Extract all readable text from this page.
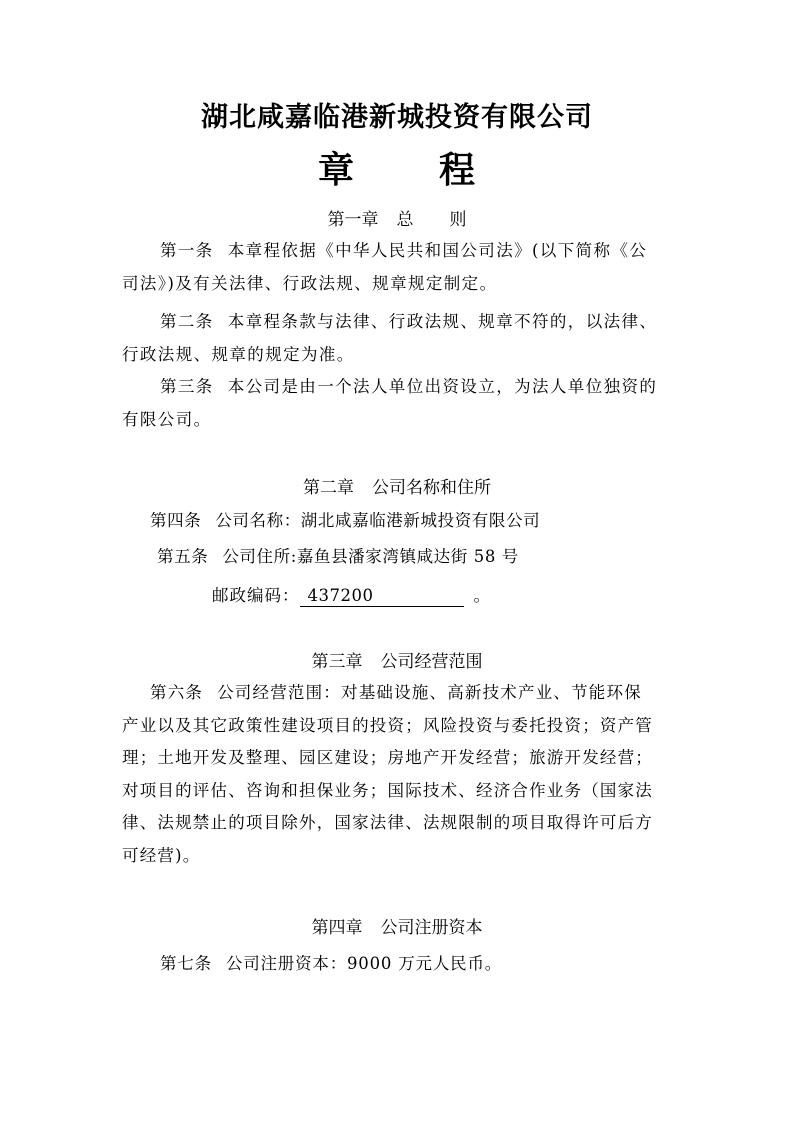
湖北咸嘉临港新城投资有限公司
章 程
第一章 总 则
第一条 本章程依据《中华人民共和国公司法》(以下简称《公
司法》)及有关法律、行政法规、规章规定制定。
第二条 本章程条款与法律、行政法规、规章不符的，以法律、
行政法规、规章的规定为准。
第三条 本公司是由一个法人单位出资设立，为法人单位独资的
有限公司。
第二章 公司名称和住所
第四条 公司名称：湖北咸嘉临港新城投资有限公司
第五条 公司住所:嘉鱼县潘家湾镇咸达街 58 号
邮政编码： 437200	。
第三章 公司经营范围
第六条 公司经营范围：对基础设施、高新技术产业、节能环保
产业以及其它政策性建设项目的投资；风险投资与委托投资；资产管
理；土地开发及整理、园区建设；房地产开发经营；旅游开发经营；
对项目的评估、咨询和担保业务；国际技术、经济合作业务（国家法
律、法规禁止的项目除外，国家法律、法规限制的项目取得许可后方
可经营)。
第四章 公司注册资本
第七条 公司注册资本：9000 万元人民币。
